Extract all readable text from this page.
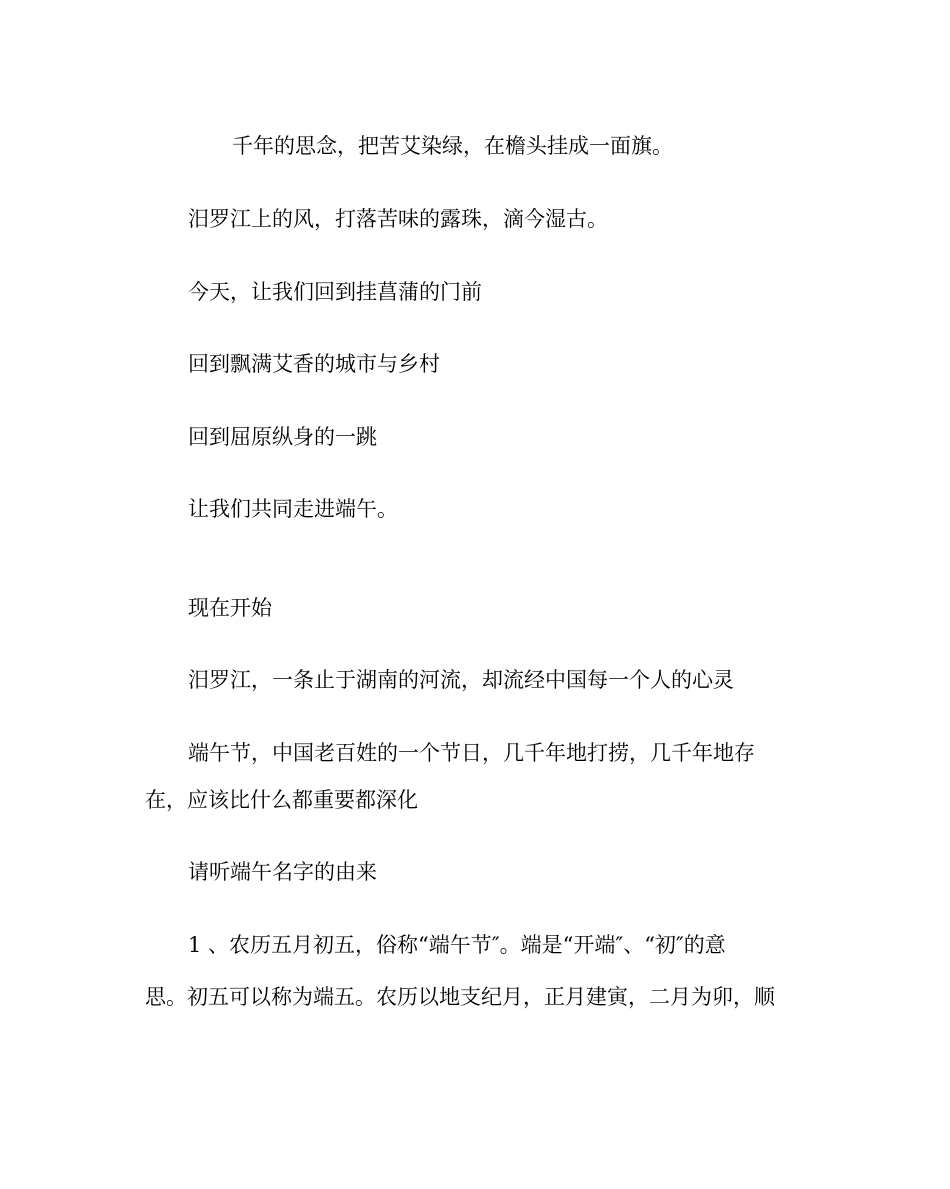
千年的思念，把苦艾染绿，在檐头挂成一面旗。
汨罗江上的风，打落苦味的露珠，滴今湿古。
今天，让我们回到挂菖蒲的门前
回到飘满艾香的城市与乡村
回到屈原纵身的一跳
让我们共同走进端午。
现在开始
汨罗江，一条止于湖南的河流，却流经中国每一个人的心灵
端午节，中国老百姓的一个节日，几千年地打捞，几千年地存
在，应该比什么都重要都深化
请听端午名字的由来
1 、农历五月初五，俗称“端午节″。端是“开端″、“初″的意
思。初五可以称为端五。农历以地支纪月，正月建寅，二月为卯，顺
